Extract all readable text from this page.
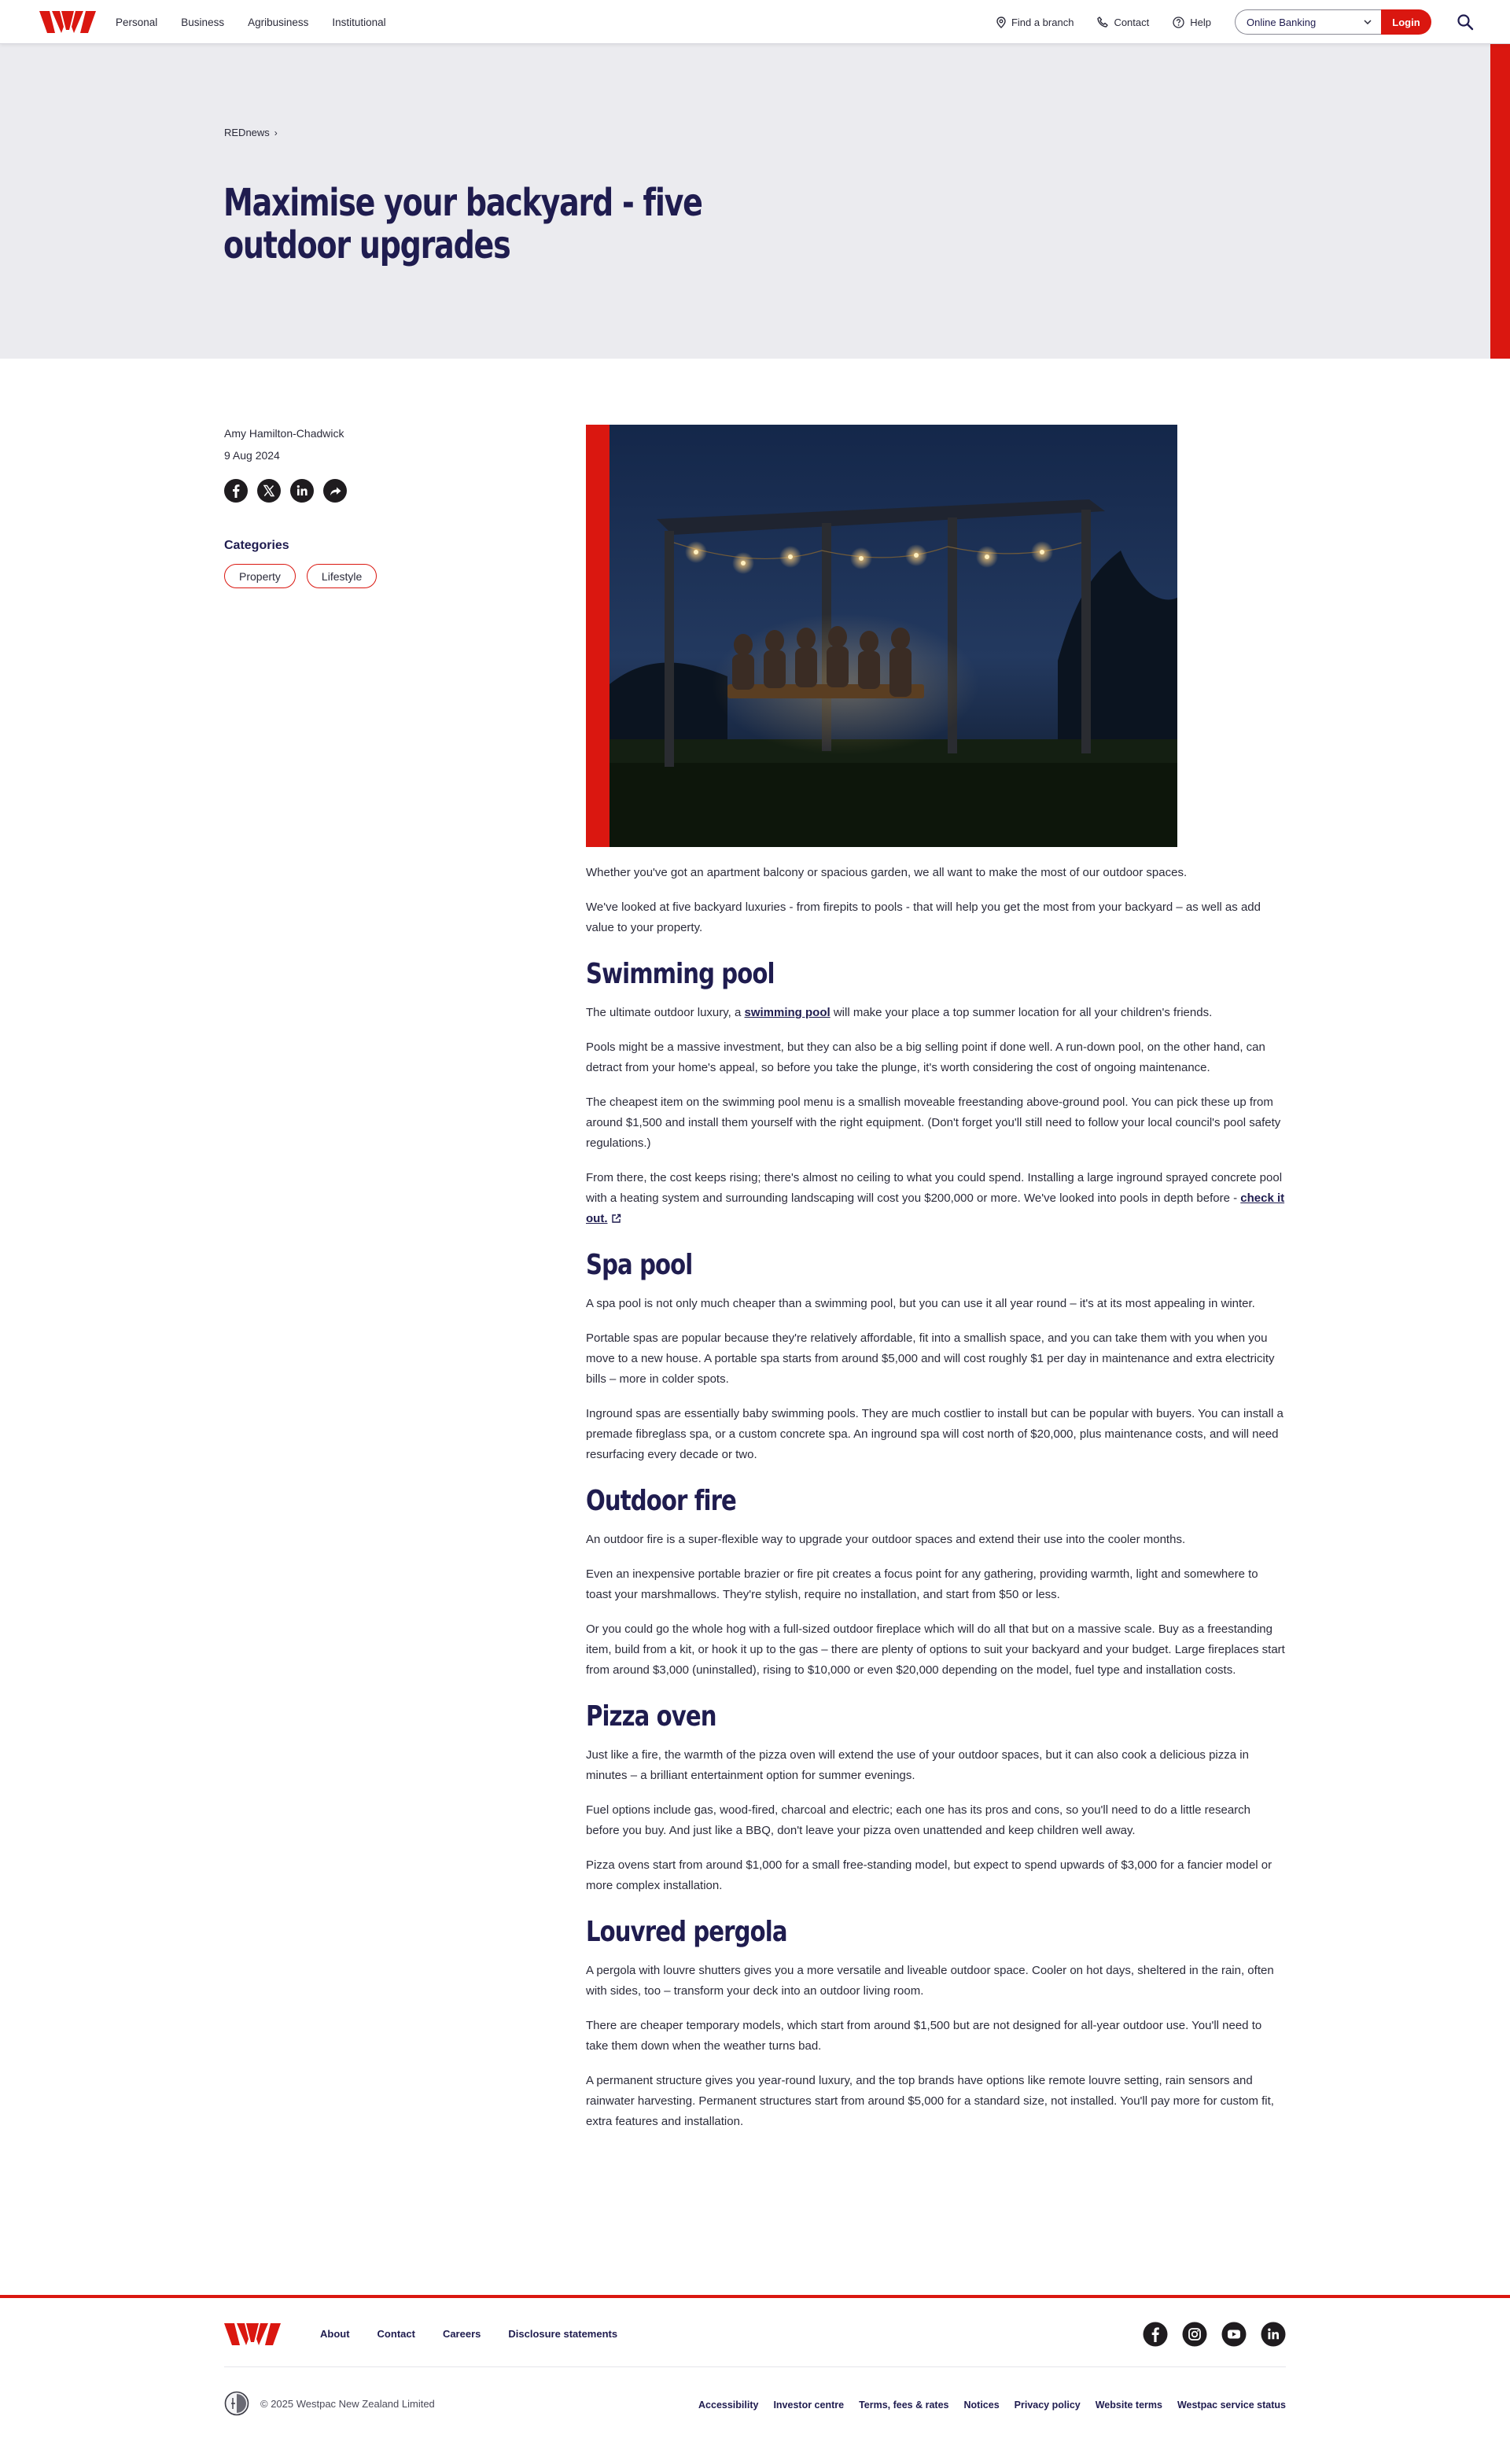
Personal Business Agribusiness Institutional	Find a branch	Contact	Help	Online Banking	Login
REDnews ›
Maximise your backyard - five outdoor upgrades
Amy Hamilton-Chadwick
9 Aug 2024
Categories
Property	Lifestyle

Whether you've got an apartment balcony or spacious garden, we all want to make the most of our outdoor spaces.

We've looked at five backyard luxuries - from firepits to pools - that will help you get the most from your backyard – as well as add value to your property.

Swimming pool

The ultimate outdoor luxury, a swimming pool will make your place a top summer location for all your children's friends.

Pools might be a massive investment, but they can also be a big selling point if done well. A run-down pool, on the other hand, can detract from your home's appeal, so before you take the plunge, it's worth considering the cost of ongoing maintenance.

The cheapest item on the swimming pool menu is a smallish moveable freestanding above-ground pool. You can pick these up from around $1,500 and install them yourself with the right equipment. (Don't forget you'll still need to follow your local council's pool safety regulations.)

From there, the cost keeps rising; there's almost no ceiling to what you could spend. Installing a large inground sprayed concrete pool with a heating system and surrounding landscaping will cost you $200,000 or more. We've looked into pools in depth before - check it out.

Spa pool

A spa pool is not only much cheaper than a swimming pool, but you can use it all year round – it's at its most appealing in winter.

Portable spas are popular because they're relatively affordable, fit into a smallish space, and you can take them with you when you move to a new house. A portable spa starts from around $5,000 and will cost roughly $1 per day in maintenance and extra electricity bills – more in colder spots.

Inground spas are essentially baby swimming pools. They are much costlier to install but can be popular with buyers. You can install a premade fibreglass spa, or a custom concrete spa. An inground spa will cost north of $20,000, plus maintenance costs, and will need resurfacing every decade or two.

Outdoor fire

An outdoor fire is a super-flexible way to upgrade your outdoor spaces and extend their use into the cooler months.

Even an inexpensive portable brazier or fire pit creates a focus point for any gathering, providing warmth, light and somewhere to toast your marshmallows. They're stylish, require no installation, and start from $50 or less.

Or you could go the whole hog with a full-sized outdoor fireplace which will do all that but on a massive scale. Buy as a freestanding item, build from a kit, or hook it up to the gas – there are plenty of options to suit your backyard and your budget. Large fireplaces start from around $3,000 (uninstalled), rising to $10,000 or even $20,000 depending on the model, fuel type and installation costs.

Pizza oven

Just like a fire, the warmth of the pizza oven will extend the use of your outdoor spaces, but it can also cook a delicious pizza in minutes – a brilliant entertainment option for summer evenings.

Fuel options include gas, wood-fired, charcoal and electric; each one has its pros and cons, so you'll need to do a little research before you buy. And just like a BBQ, don't leave your pizza oven unattended and keep children well away.

Pizza ovens start from around $1,000 for a small free-standing model, but expect to spend upwards of $3,000 for a fancier model or more complex installation.

Louvred pergola

A pergola with louvre shutters gives you a more versatile and liveable outdoor space. Cooler on hot days, sheltered in the rain, often with sides, too – transform your deck into an outdoor living room.

There are cheaper temporary models, which start from around $1,500 but are not designed for all-year outdoor use. You'll need to take them down when the weather turns bad.

A permanent structure gives you year-round luxury, and the top brands have options like remote louvre setting, rain sensors and rainwater harvesting. Permanent structures start from around $5,000 for a standard size, not installed. You'll pay more for custom fit, extra features and installation.

About	Contact	Careers	Disclosure statements
© 2025 Westpac New Zealand Limited	Accessibility Investor centre Terms, fees & rates Notices Privacy policy Website terms Westpac service status
